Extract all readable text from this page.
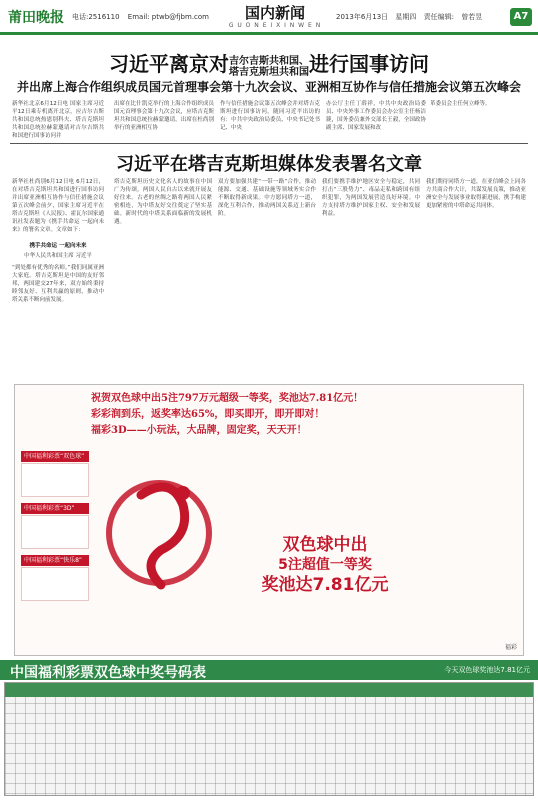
莆田晚报	电话:2516110 Email: ptwb@fjbm.com	国内新闻
G U O N E I X I N W E N
2013年6月13日 星期四 责任编辑: 曾若昱	A7
习近平离京对吉尔吉斯共和国、
塔吉克斯坦共和国进行国事访问
并出席上海合作组织成员国元首理事会第十九次会议、亚洲相互协作与信任措施会议第五次峰会
新华社北京6月12日电 国家主席习近平12日乘专机离开北京，应吉尔吉斯共和国总统热恩别科夫、塔吉克斯坦共和国总统拉赫蒙邀请对吉尔吉斯共和国进行国事访问并
出席在比什凯克举行的上海合作组织成员国元首理事会第十九次会议，应塔吉克斯坦共和国总统拉赫蒙邀请，出席在杜尚别举行的亚洲相互协
作与信任措施会议第五次峰会并对塔吉克斯坦进行国事访问。随同习近平出访的有：中共中央政治局委员、中央书记处书记、中央
办公厅主任丁薛祥，中共中央政治局委员、中央外事工作委员会办公室主任杨洁篪，国务委员兼外交部长王毅，全国政协副主席、国家发展和改
革委员会主任何立峰等。
习近平在塔吉克斯坦媒体发表署名文章
新华社杜尚别6月12日电 6月12日，在对塔吉克斯坦共和国进行国事访问并出席亚洲相互协作与信任措施会议第五次峰会前夕，国家主席习近平在塔吉克斯坦《人民报》、霍瓦尔国家通讯社发表题为《携手共命运 一起向未来》的署名文章。文章如下：
携手共命运 一起向未来
中华人民共和国主席 习近平
“到处都有优秀的名师。”我们同属亚洲大家庭。塔吉克斯坦是中国的友好邻邦，两国建交27年来，双方始终秉持睦邻友好、互利共赢的原则，推动中塔关系不断向前发展。
塔吉克斯坦历史文化名人的故事在中国广为传颂，两国人民自古以来就开展友好往来。古老的丝绸之路将两国人民紧密相连，为中塔友好交往奠定了坚实基础。新时代的中塔关系面临新的发展机遇。
双方要加强共建“一带一路”合作，推动能源、交通、基础设施等领域务实合作不断取得新成果。中方愿同塔方一道，深化互利合作，推动两国关系迈上新台阶。
我们要携手维护地区安全与稳定，共同打击“三股势力”、毒品走私和跨国有组织犯罪，为两国发展营造良好环境。中方支持塔方维护国家主权、安全和发展利益。
我们期待同塔方一道，在亚信峰会上同各方共商合作大计，共谋发展良策，推动亚洲安全与发展事业取得新进展，携手构建更加紧密的中塔命运共同体。
祝贺双色球中出5注797万元超级一等奖，奖池达7.81亿元！
彩彩润到乐，返奖率达65%，即买即开，即开即对！
福彩3D——小玩法，大品牌，固定奖，天天开！
中国福利彩票“双色球”
中国福利彩票“3D”
中国福利彩票“快乐8”
双色球中出
5注超值一等奖
奖池达7.81亿元
福彩
中国福利彩票双色球中奖号码表	今天双色球奖池达7.81亿元
